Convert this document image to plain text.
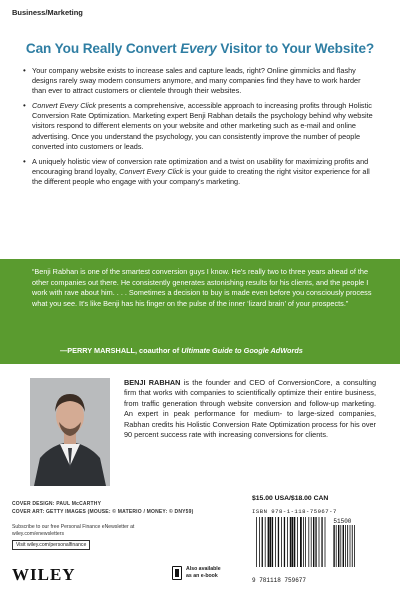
Business/Marketing
Can You Really Convert Every Visitor to Your Website?
• Your company website exists to increase sales and capture leads, right? Online gimmicks and flashy designs rarely sway modern consumers anymore, and many companies find they have to work harder than ever to attract customers or clientele through their websites.
• Convert Every Click presents a comprehensive, accessible approach to increasing profits through Holistic Conversion Rate Optimization. Marketing expert Benji Rabhan details the psychology behind why website visitors respond to different elements on your website and other marketing such as e-mail and online advertising. Once you understand the psychology, you can consistently improve the number of people converted into customers or leads.
• A uniquely holistic view of conversion rate optimization and a twist on usability for maximizing profits and encouraging brand loyalty, Convert Every Click is your guide to creating the right visitor experience for all the different people who engage with your company's marketing.
“Benji Rabhan is one of the smartest conversion guys I know. He's really two to three years ahead of the other companies out there. He consistently generates astonishing results for his clients, and the people I work with rave about him. . . . Sometimes a decision to buy is made even before you consciously process what you see. It's like Benji has his finger on the pulse of the inner ‘lizard brain’ of your prospects.”
—PERRY MARSHALL, coauthor of Ultimate Guide to Google AdWords
BENJI RABHAN is the founder and CEO of ConversionCore, a consulting firm that works with companies to scientifically optimize their entire business, from traffic generation through website conversion and follow-up marketing. An expert in peak performance for medium- to large-sized companies, Rabhan credits his Holistic Conversion Rate Optimization process for his over 90 percent success rate with increasing conversions for clients.
COVER DESIGN: PAUL McCARTHY
COVER ART: GETTY IMAGES (MOUSE: © MATERIO / MONEY: © DNY59)
Subscribe to our free Personal Finance eNewsletter at
wiley.com/enewsletters
Visit wiley.com/personalfinance
WILEY	Also available
as an e-book
$15.00 USA/$18.00 CAN
ISBN 978-1-118-75967-7
51500
9 781118 759677
